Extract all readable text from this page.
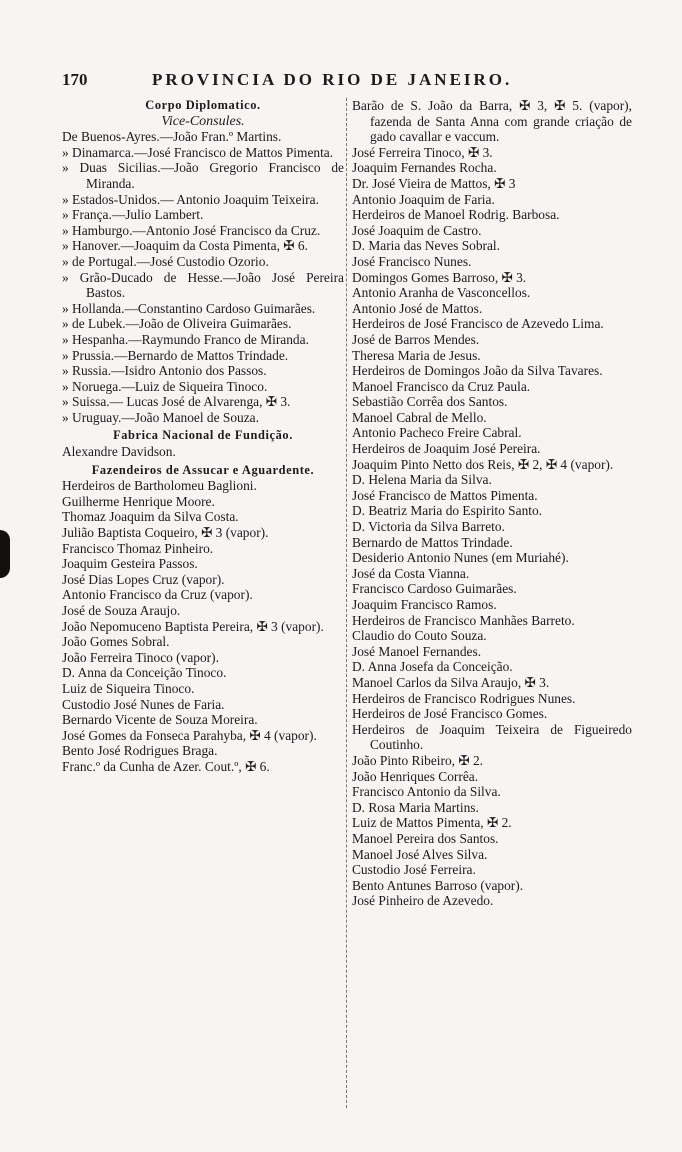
170	PROVINCIA DO RIO DE JANEIRO.
Corpo Diplomatico.
Vice-Consules.
De Buenos-Ayres.—João Fran.º Martins.
» Dinamarca.—José Francisco de Mattos Pimenta.
» Duas Sicilias.—João Gregorio Francisco de Miranda.
» Estados-Unidos.— Antonio Joaquim Teixeira.
» França.—Julio Lambert.
» Hamburgo.—Antonio José Francisco da Cruz.
» Hanover.—Joaquim da Costa Pimenta, ✠ 6.
» de Portugal.—José Custodio Ozorio.
» Grão-Ducado de Hesse.—João José Pereira Bastos.
» Hollanda.—Constantino Cardoso Guimarães.
» de Lubek.—João de Oliveira Guimarães.
» Hespanha.—Raymundo Franco de Miranda.
» Prussia.—Bernardo de Mattos Trindade.
» Russia.—Isidro Antonio dos Passos.
» Noruega.—Luiz de Siqueira Tinoco.
» Suissa.— Lucas José de Alvarenga, ✠ 3.
» Uruguay.—João Manoel de Souza.
Fabrica Nacional de Fundição.
Alexandre Davidson.
Fazendeiros de Assucar e Aguardente.
Herdeiros de Bartholomeu Baglioni.
Guilherme Henrique Moore.
Thomaz Joaquim da Silva Costa.
Julião Baptista Coqueiro, ✠ 3 (vapor).
Francisco Thomaz Pinheiro.
Joaquim Gesteira Passos.
José Dias Lopes Cruz (vapor).
Antonio Francisco da Cruz (vapor).
José de Souza Araujo.
João Nepomuceno Baptista Pereira, ✠ 3 (vapor).
João Gomes Sobral.
João Ferreira Tinoco (vapor).
D. Anna da Conceição Tinoco.
Luiz de Siqueira Tinoco.
Custodio José Nunes de Faria.
Bernardo Vicente de Souza Moreira.
José Gomes da Fonseca Parahyba, ✠ 4 (vapor).
Bento José Rodrigues Braga.
Franc.º da Cunha de Azer. Cout.º, ✠ 6.
Barão de S. João da Barra, ✠ 3, ✠ 5. (vapor), fazenda de Santa Anna com grande criação de gado cavallar e vaccum.
José Ferreira Tinoco, ✠ 3.
Joaquim Fernandes Rocha.
Dr. José Vieira de Mattos, ✠ 3
Antonio Joaquim de Faria.
Herdeiros de Manoel Rodrig. Barbosa.
José Joaquim de Castro.
D. Maria das Neves Sobral.
José Francisco Nunes.
Domingos Gomes Barroso, ✠ 3.
Antonio Aranha de Vasconcellos.
Antonio José de Mattos.
Herdeiros de José Francisco de Azevedo Lima.
José de Barros Mendes.
Theresa Maria de Jesus.
Herdeiros de Domingos João da Silva Tavares.
Manoel Francisco da Cruz Paula.
Sebastião Corrêa dos Santos.
Manoel Cabral de Mello.
Antonio Pacheco Freire Cabral.
Herdeiros de Joaquim José Pereira.
Joaquim Pinto Netto dos Reis, ✠ 2, ✠ 4 (vapor).
D. Helena Maria da Silva.
José Francisco de Mattos Pimenta.
D. Beatriz Maria do Espirito Santo.
D. Victoria da Silva Barreto.
Bernardo de Mattos Trindade.
Desiderio Antonio Nunes (em Muriahé).
José da Costa Vianna.
Francisco Cardoso Guimarães.
Joaquim Francisco Ramos.
Herdeiros de Francisco Manhães Barreto.
Claudio do Couto Souza.
José Manoel Fernandes.
D. Anna Josefa da Conceição.
Manoel Carlos da Silva Araujo, ✠ 3.
Herdeiros de Francisco Rodrigues Nunes.
Herdeiros de José Francisco Gomes.
Herdeiros de Joaquim Teixeira de Figueiredo Coutinho.
João Pinto Ribeiro, ✠ 2.
João Henriques Corrêa.
Francisco Antonio da Silva.
D. Rosa Maria Martins.
Luiz de Mattos Pimenta, ✠ 2.
Manoel Pereira dos Santos.
Manoel José Alves Silva.
Custodio José Ferreira.
Bento Antunes Barroso (vapor).
José Pinheiro de Azevedo.
